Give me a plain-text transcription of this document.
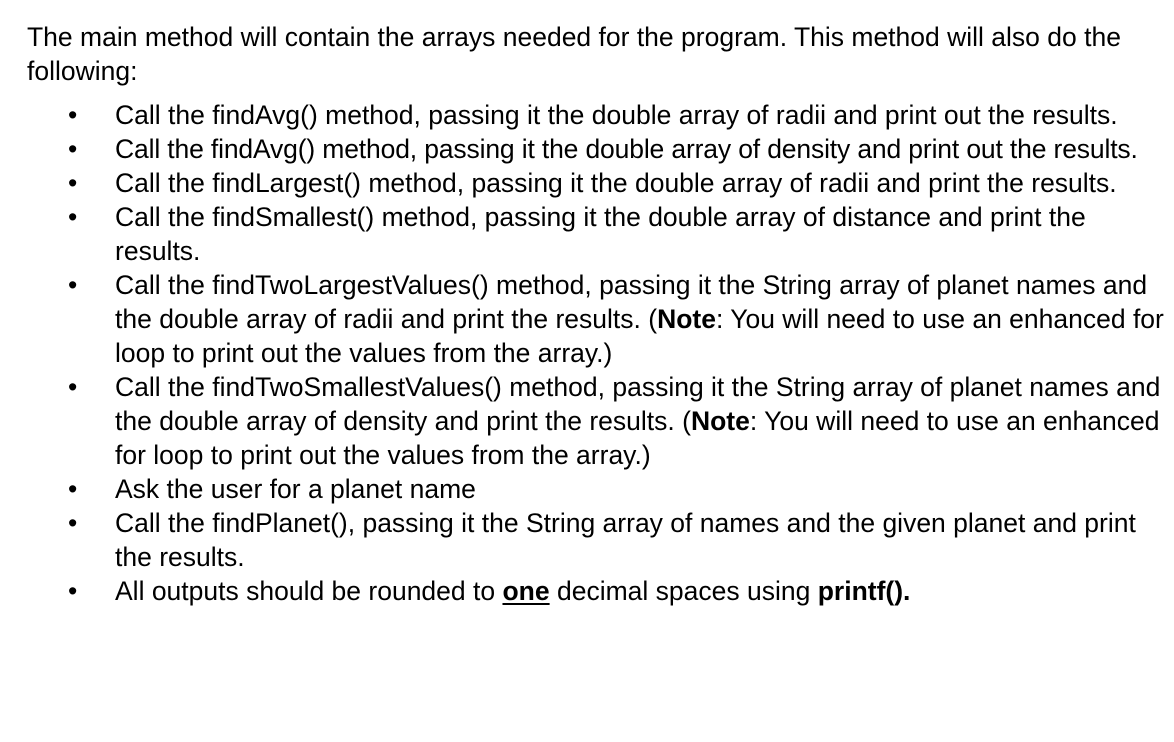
The main method will contain the arrays needed for the program. This method will also do the following:

• Call the findAvg() method, passing it the double array of radii and print out the results.
• Call the findAvg() method, passing it the double array of density and print out the results.
• Call the findLargest() method, passing it the double array of radii and print the results.
• Call the findSmallest() method, passing it the double array of distance and print the results.
• Call the findTwoLargestValues() method, passing it the String array of planet names and the double array of radii and print the results. (Note: You will need to use an enhanced for loop to print out the values from the array.)
• Call the findTwoSmallestValues() method, passing it the String array of planet names and the double array of density and print the results. (Note: You will need to use an enhanced for loop to print out the values from the array.)
• Ask the user for a planet name
• Call the findPlanet(), passing it the String array of names and the given planet and print the results.
• All outputs should be rounded to one decimal spaces using printf().
